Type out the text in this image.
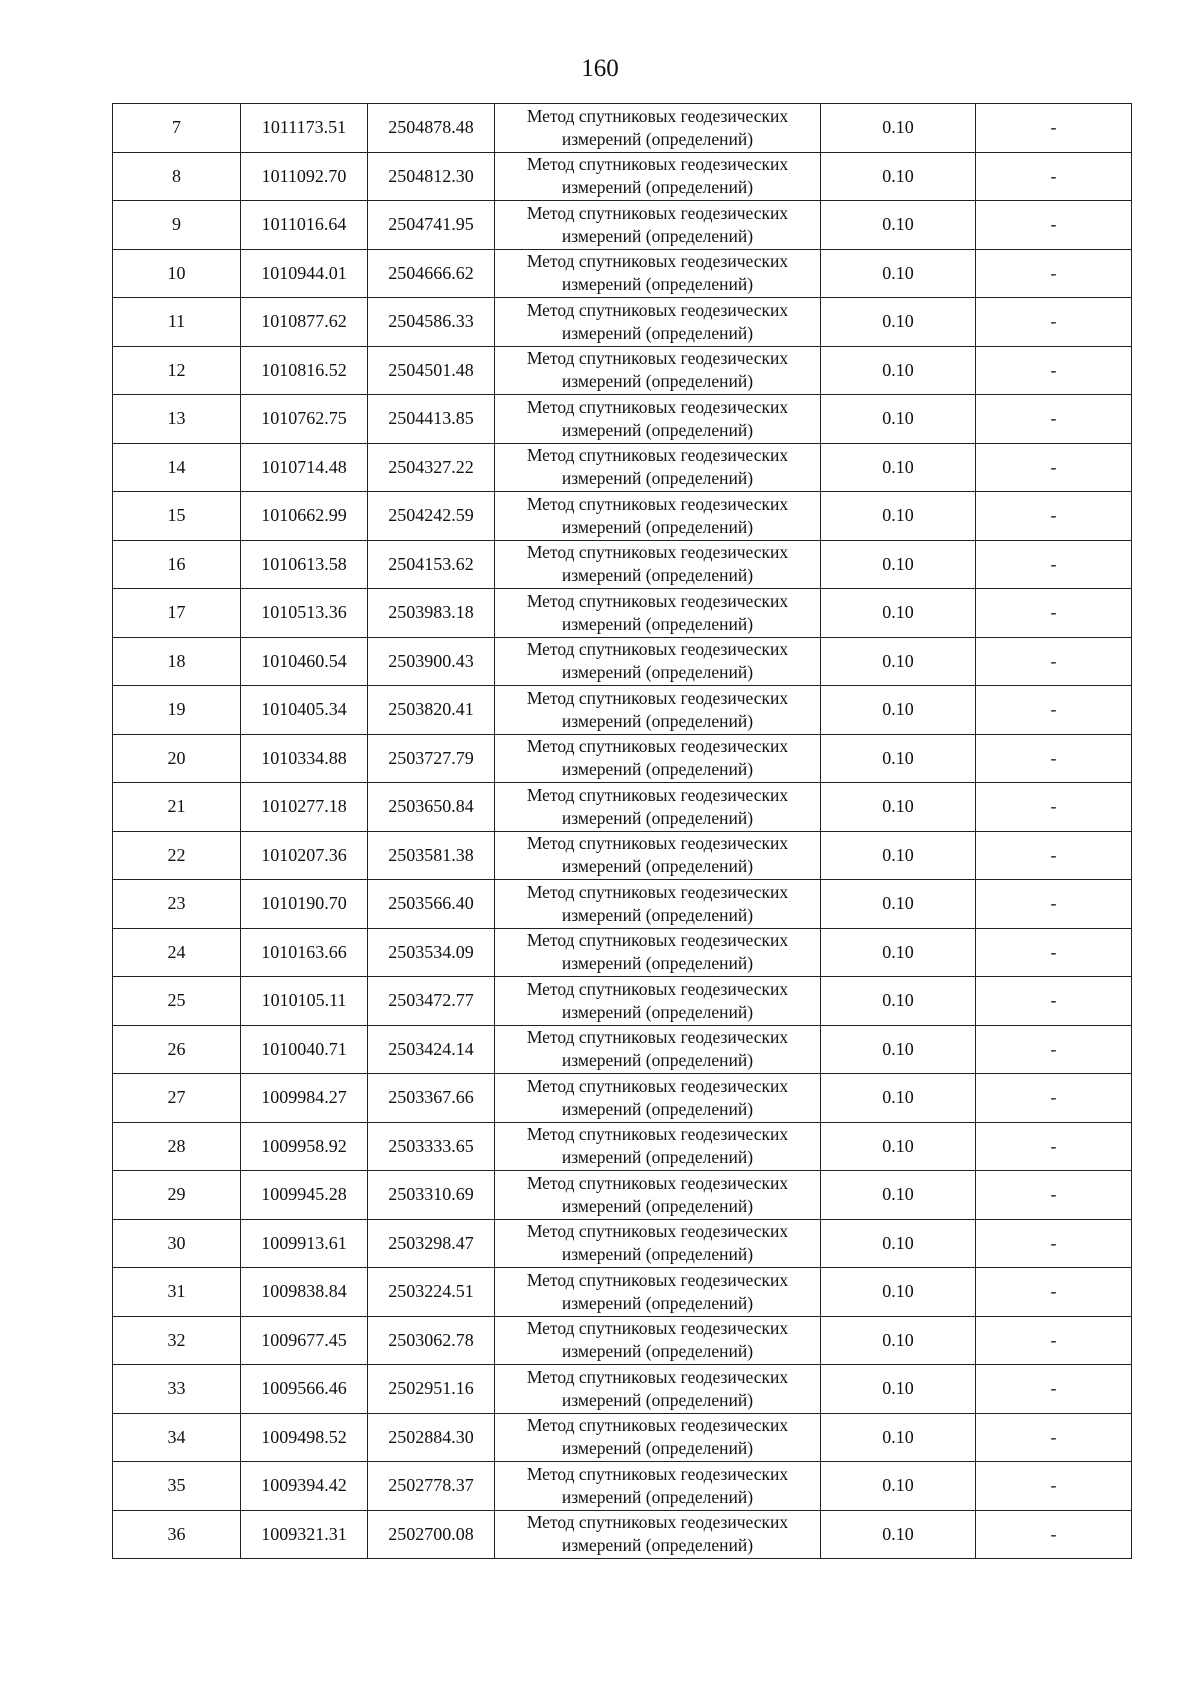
160
7	1011173.51	2504878.48	Метод спутниковых геодезических измерений (определений)	0.10	-
8	1011092.70	2504812.30	Метод спутниковых геодезических измерений (определений)	0.10	-
9	1011016.64	2504741.95	Метод спутниковых геодезических измерений (определений)	0.10	-
10	1010944.01	2504666.62	Метод спутниковых геодезических измерений (определений)	0.10	-
11	1010877.62	2504586.33	Метод спутниковых геодезических измерений (определений)	0.10	-
12	1010816.52	2504501.48	Метод спутниковых геодезических измерений (определений)	0.10	-
13	1010762.75	2504413.85	Метод спутниковых геодезических измерений (определений)	0.10	-
14	1010714.48	2504327.22	Метод спутниковых геодезических измерений (определений)	0.10	-
15	1010662.99	2504242.59	Метод спутниковых геодезических измерений (определений)	0.10	-
16	1010613.58	2504153.62	Метод спутниковых геодезических измерений (определений)	0.10	-
17	1010513.36	2503983.18	Метод спутниковых геодезических измерений (определений)	0.10	-
18	1010460.54	2503900.43	Метод спутниковых геодезических измерений (определений)	0.10	-
19	1010405.34	2503820.41	Метод спутниковых геодезических измерений (определений)	0.10	-
20	1010334.88	2503727.79	Метод спутниковых геодезических измерений (определений)	0.10	-
21	1010277.18	2503650.84	Метод спутниковых геодезических измерений (определений)	0.10	-
22	1010207.36	2503581.38	Метод спутниковых геодезических измерений (определений)	0.10	-
23	1010190.70	2503566.40	Метод спутниковых геодезических измерений (определений)	0.10	-
24	1010163.66	2503534.09	Метод спутниковых геодезических измерений (определений)	0.10	-
25	1010105.11	2503472.77	Метод спутниковых геодезических измерений (определений)	0.10	-
26	1010040.71	2503424.14	Метод спутниковых геодезических измерений (определений)	0.10	-
27	1009984.27	2503367.66	Метод спутниковых геодезических измерений (определений)	0.10	-
28	1009958.92	2503333.65	Метод спутниковых геодезических измерений (определений)	0.10	-
29	1009945.28	2503310.69	Метод спутниковых геодезических измерений (определений)	0.10	-
30	1009913.61	2503298.47	Метод спутниковых геодезических измерений (определений)	0.10	-
31	1009838.84	2503224.51	Метод спутниковых геодезических измерений (определений)	0.10	-
32	1009677.45	2503062.78	Метод спутниковых геодезических измерений (определений)	0.10	-
33	1009566.46	2502951.16	Метод спутниковых геодезических измерений (определений)	0.10	-
34	1009498.52	2502884.30	Метод спутниковых геодезических измерений (определений)	0.10	-
35	1009394.42	2502778.37	Метод спутниковых геодезических измерений (определений)	0.10	-
36	1009321.31	2502700.08	Метод спутниковых геодезических измерений (определений)	0.10	-
